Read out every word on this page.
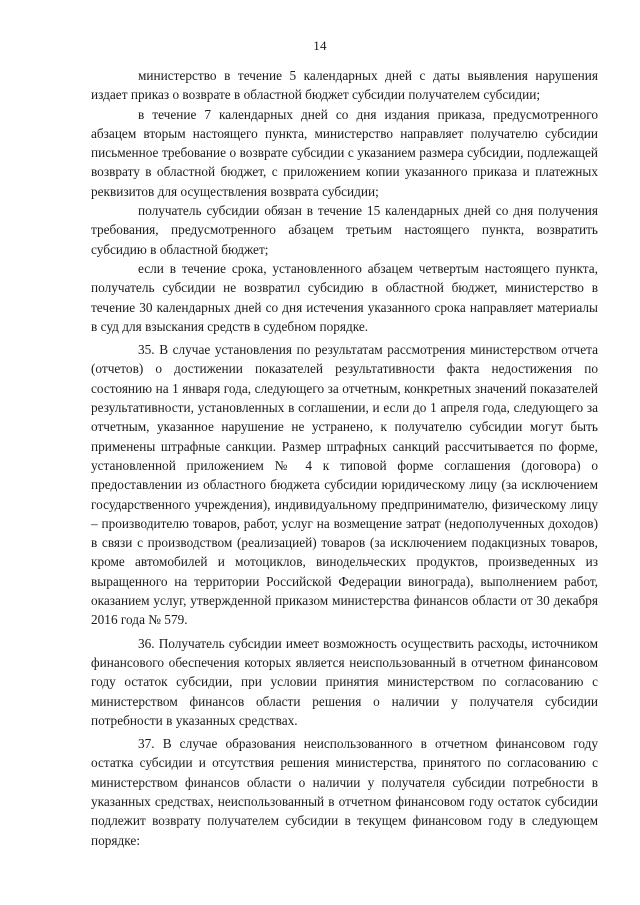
14

министерство в течение 5 календарных дней с даты выявления нарушения издает приказ о возврате в областной бюджет субсидии получателем субсидии;

в течение 7 календарных дней со дня издания приказа, предусмотренного абзацем вторым настоящего пункта, министерство направляет получателю субсидии письменное требование о возврате субсидии с указанием размера субсидии, подлежащей возврату в областной бюджет, с приложением копии указанного приказа и платежных реквизитов для осуществления возврата субсидии;

получатель субсидии обязан в течение 15 календарных дней со дня получения требования, предусмотренного абзацем третьим настоящего пункта, возвратить субсидию в областной бюджет;

если в течение срока, установленного абзацем четвертым настоящего пункта, получатель субсидии не возвратил субсидию в областной бюджет, министерство в течение 30 календарных дней со дня истечения указанного срока направляет материалы в суд для взыскания средств в судебном порядке.

35. В случае установления по результатам рассмотрения министерством отчета (отчетов) о достижении показателей результативности факта недостижения по состоянию на 1 января года, следующего за отчетным, конкретных значений показателей результативности, установленных в соглашении, и если до 1 апреля года, следующего за отчетным, указанное нарушение не устранено, к получателю субсидии могут быть применены штрафные санкции. Размер штрафных санкций рассчитывается по форме, установленной приложением № 4 к типовой форме соглашения (договора) о предоставлении из областного бюджета субсидии юридическому лицу (за исключением государственного учреждения), индивидуальному предпринимателю, физическому лицу – производителю товаров, работ, услуг на возмещение затрат (недополученных доходов) в связи с производством (реализацией) товаров (за исключением подакцизных товаров, кроме автомобилей и мотоциклов, винодельческих продуктов, произведенных из выращенного на территории Российской Федерации винограда), выполнением работ, оказанием услуг, утвержденной приказом министерства финансов области от 30 декабря 2016 года № 579.

36. Получатель субсидии имеет возможность осуществить расходы, источником финансового обеспечения которых является неиспользованный в отчетном финансовом году остаток субсидии, при условии принятия министерством по согласованию с министерством финансов области решения о наличии у получателя субсидии потребности в указанных средствах.

37. В случае образования неиспользованного в отчетном финансовом году остатка субсидии и отсутствия решения министерства, принятого по согласованию с министерством финансов области о наличии у получателя субсидии потребности в указанных средствах, неиспользованный в отчетном финансовом году остаток субсидии подлежит возврату получателем субсидии в текущем финансовом году в следующем порядке:
